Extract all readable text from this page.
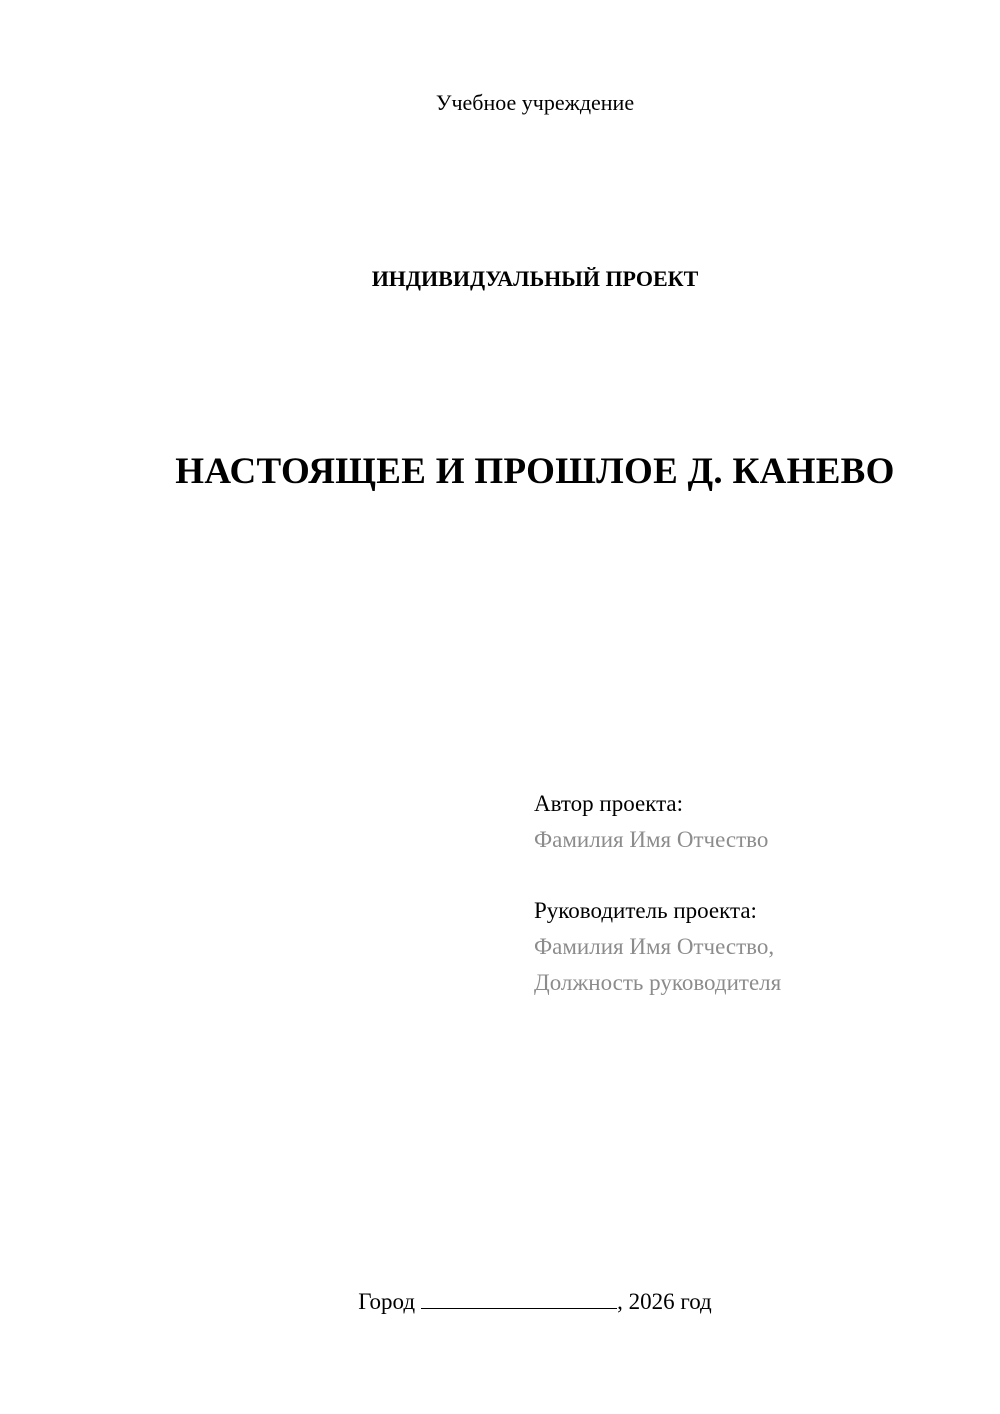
Учебное учреждение
ИНДИВИДУАЛЬНЫЙ ПРОЕКТ
НАСТОЯЩЕЕ И ПРОШЛОЕ Д. КАНЕВО
Автор проекта:
Фамилия Имя Отчество
Руководитель проекта:
Фамилия Имя Отчество,
Должность руководителя
Город	, 2026 год
